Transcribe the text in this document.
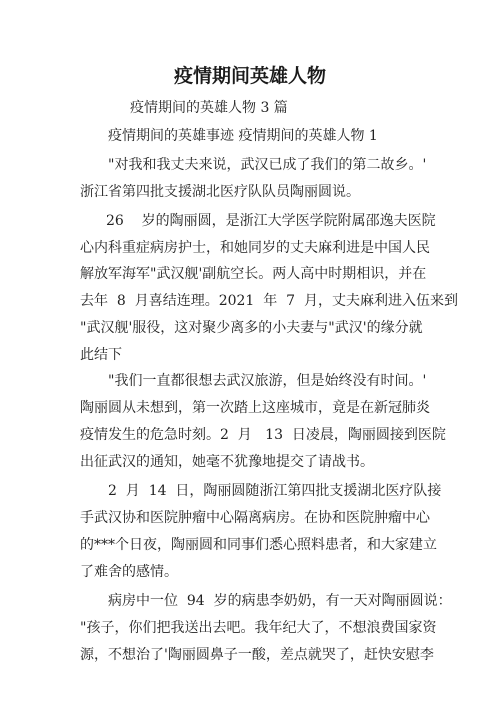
疫情期间英雄人物
疫情期间的英雄人物 3 篇
疫情期间的英雄事迹 疫情期间的英雄人物 1
"对我和我丈夫来说，武汉已成了我们的第二故乡。'
浙江省第四批支援湖北医疗队队员陶丽圆说。
26    岁的陶丽圆，是浙江大学医学院附属邵逸夫医院
心内科重症病房护士，和她同岁的丈夫麻利进是中国人民
解放军海军"武汉舰'副航空长。两人高中时期相识，并在
去年  8  月喜结连理。2021  年  7  月，丈夫麻利进入伍来到
"武汉舰'服役，这对聚少离多的小夫妻与"武汉'的缘分就
此结下
"我们一直都很想去武汉旅游，但是始终没有时间。'
陶丽圆从未想到，第一次踏上这座城市，竟是在新冠肺炎
疫情发生的危急时刻。2  月   13  日凌晨，陶丽圆接到医院
出征武汉的通知，她毫不犹豫地提交了请战书。
2  月  14  日，陶丽圆随浙江第四批支援湖北医疗队接
手武汉协和医院肿瘤中心隔离病房。在协和医院肿瘤中心
的***个日夜，陶丽圆和同事们悉心照料患者，和大家建立
了难舍的感情。
病房中一位  94  岁的病患李奶奶，有一天对陶丽圆说：
"孩子，你们把我送出去吧。我年纪大了，不想浪费国家资
源，不想治了'陶丽圆鼻子一酸，差点就哭了，赶快安慰李
